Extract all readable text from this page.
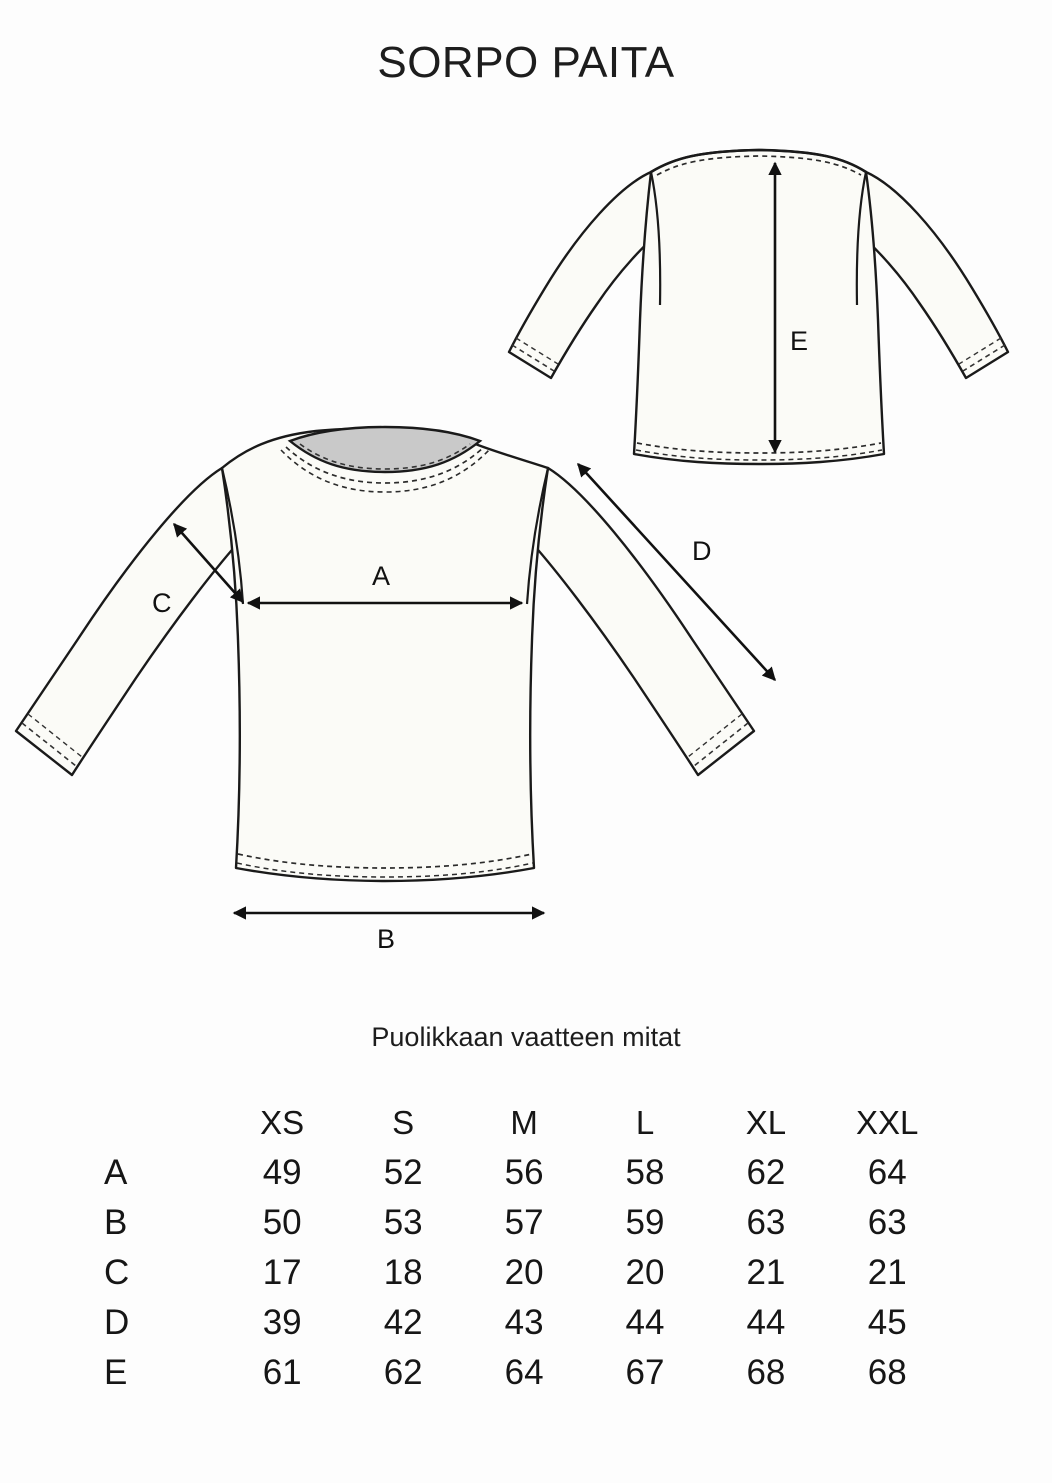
SORPO PAITA
E
A
B
C
D
Puolikkaan vaatteen mitat
	XS	S	M	L	XL	XXL
A	49	52	56	58	62	64
B	50	53	57	59	63	63
C	17	18	20	20	21	21
D	39	42	43	44	44	45
E	61	62	64	67	68	68
